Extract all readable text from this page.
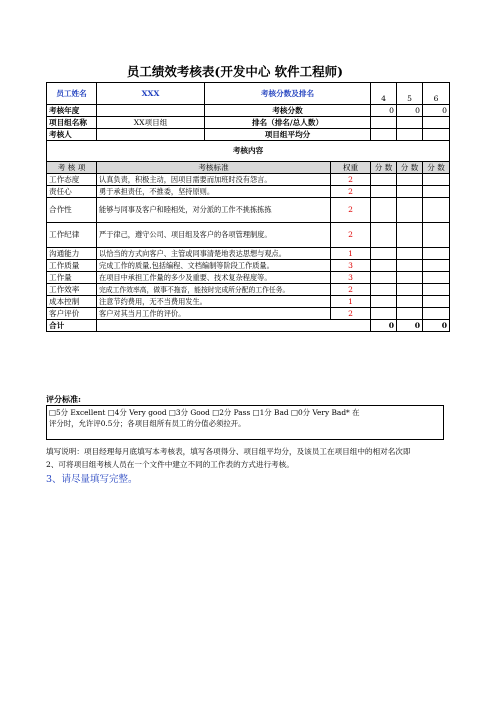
员工绩效考核表(开发中心 软件工程师)
员工姓名	XXX	考核分数及排名		4	5	6
考核年度		考核分数		0	0	0
项目组名称	XX项目组	排名（排名/总人数）				
考核人		项目组平均分				
考核内容						
考 核 项	考核标准		权重	分 数	分 数	分 数
工作态度	认真负责，积极主动，因项目需要而加班时没有怨言。		2			
责任心	勇于承担责任，不推委，坚持原则。		2			
合作性	能够与同事及客户和睦相处，对分派的工作不挑拣拣拣		2			
工作纪律	严于律己，遵守公司、项目组及客户的各项管理制度。		2			
沟通能力	以恰当的方式向客户、主管或同事清楚地表达思想与观点。		1			
工作质量	完成工作的质量,包括编程、文档编制等阶段工作质量。		3			
工作量	在项目中承担工作量的多少及重要、技术复杂程度等。		3			
工作效率	完成工作效率高，做事不拖沓，能按时完成所分配的工作任务。		2			
成本控制	注意节约费用，无不当费用发生。		1			
客户评价	客户对其当月工作的评价。		2			
合计				0	0	0
评分标准:
□5分 Excellent □4分 Very good □3分 Good □2分 Pass □1分 Bad □0分 Very Bad* 在
评分时，允许评0.5分；各项目组所有员工的分值必须拉开。
填写说明：项目经理每月底填写本考核表，填写各项得分、项目组平均分，及该员工在项目组中的相对名次即
2、可将项目组考核人员在一个文件中建立不同的工作表的方式进行考核。
3、请尽量填写完整。
